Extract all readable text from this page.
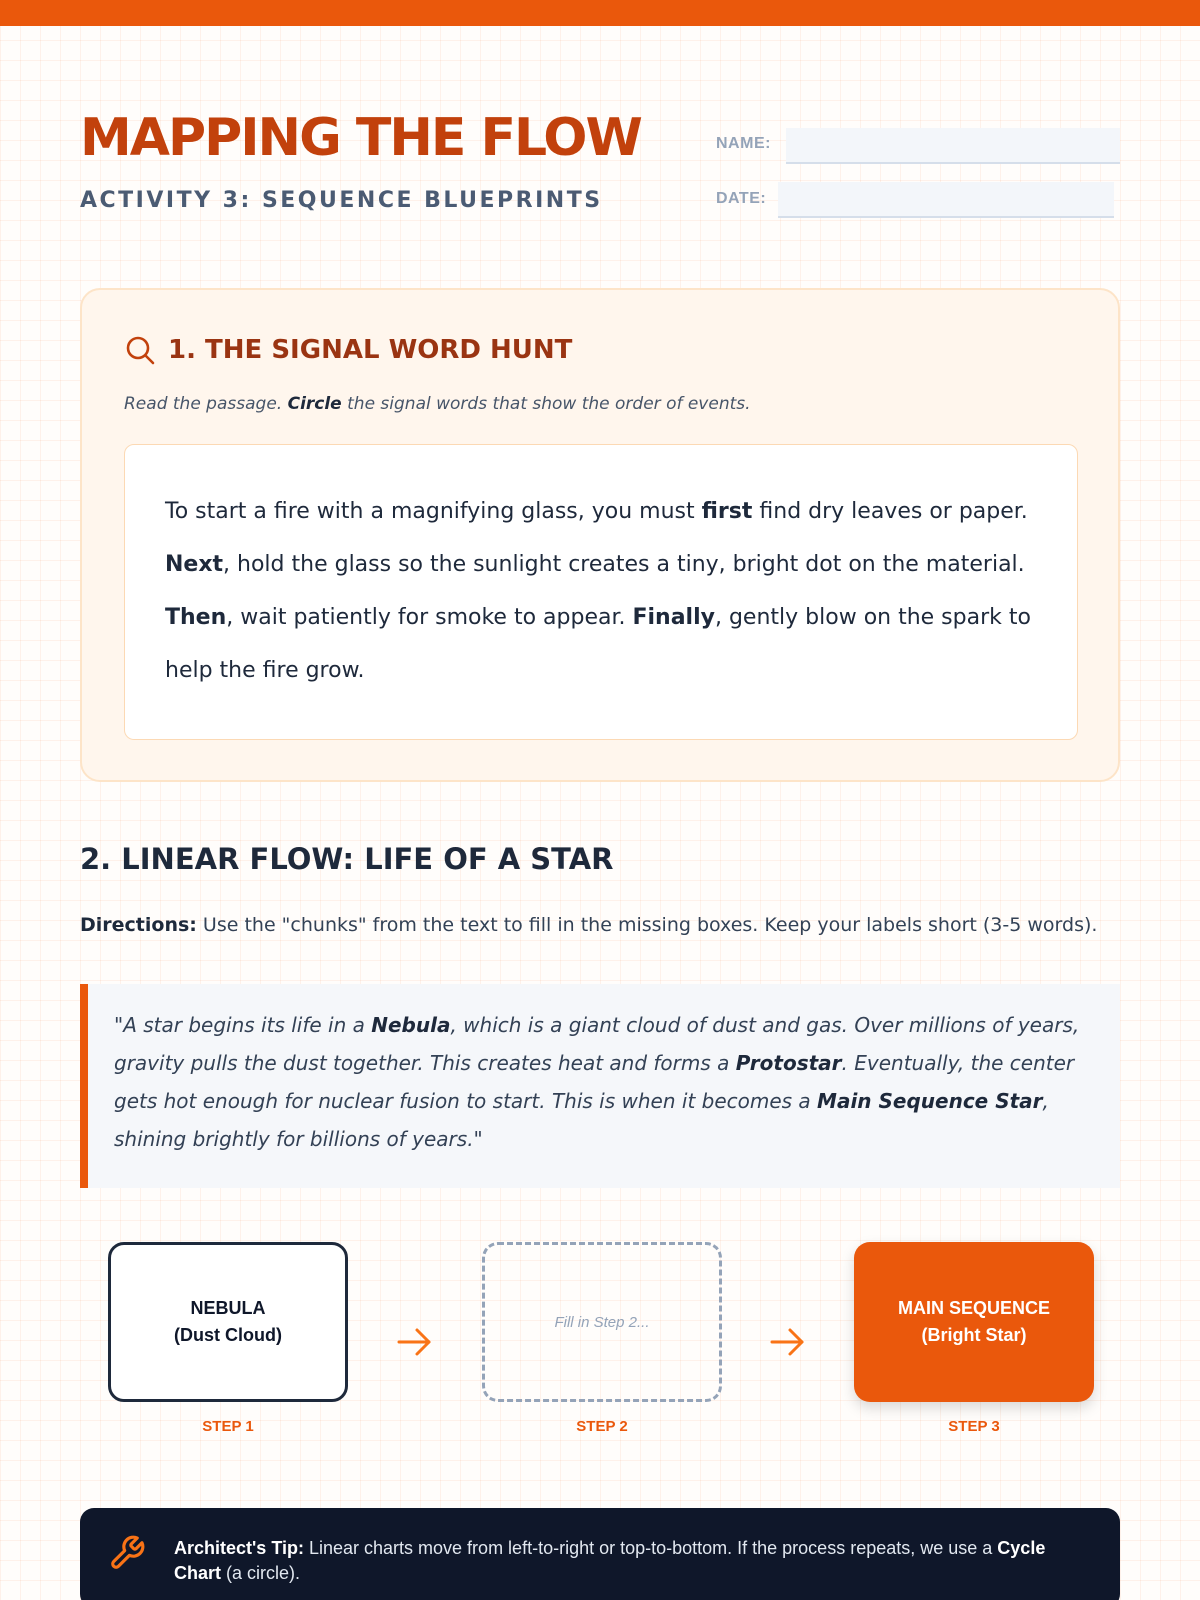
MAPPING THE FLOW
ACTIVITY 3: SEQUENCE BLUEPRINTS
NAME:
DATE:
1. THE SIGNAL WORD HUNT

Read the passage. Circle the signal words that show the order of events.

To start a fire with a magnifying glass, you must first find dry leaves or paper. Next, hold the glass so the sunlight creates a tiny, bright dot on the material. Then, wait patiently for smoke to appear. Finally, gently blow on the spark to help the fire grow.
2. LINEAR FLOW: LIFE OF A STAR

Directions: Use the "chunks" from the text to fill in the missing boxes. Keep your labels short (3-5 words).

"A star begins its life in a Nebula, which is a giant cloud of dust and gas. Over millions of years, gravity pulls the dust together. This creates heat and forms a Protostar. Eventually, the center gets hot enough for nuclear fusion to start. This is when it becomes a Main Sequence Star, shining brightly for billions of years."
NEBULA
(Dust Cloud)
Fill in Step 2...
MAIN SEQUENCE
(Bright Star)
STEP 1	STEP 2	STEP 3

Architect's Tip: Linear charts move from left-to-right or top-to-bottom. If the process repeats, we use a Cycle Chart (a circle).
